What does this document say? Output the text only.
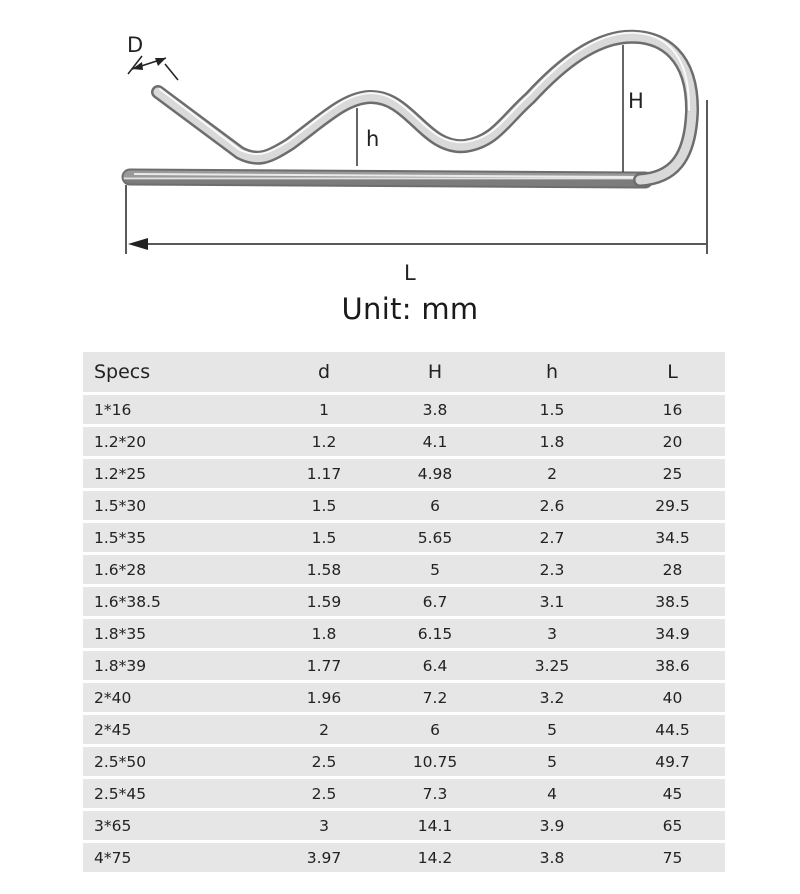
D
h
H
L
Unit: mm
Specs	d	H	h	L
1*16	1	3.8	1.5	16
1.2*20	1.2	4.1	1.8	20
1.2*25	1.17	4.98	2	25
1.5*30	1.5	6	2.6	29.5
1.5*35	1.5	5.65	2.7	34.5
1.6*28	1.58	5	2.3	28
1.6*38.5	1.59	6.7	3.1	38.5
1.8*35	1.8	6.15	3	34.9
1.8*39	1.77	6.4	3.25	38.6
2*40	1.96	7.2	3.2	40
2*45	2	6	5	44.5
2.5*50	2.5	10.75	5	49.7
2.5*45	2.5	7.3	4	45
3*65	3	14.1	3.9	65
4*75	3.97	14.2	3.8	75
